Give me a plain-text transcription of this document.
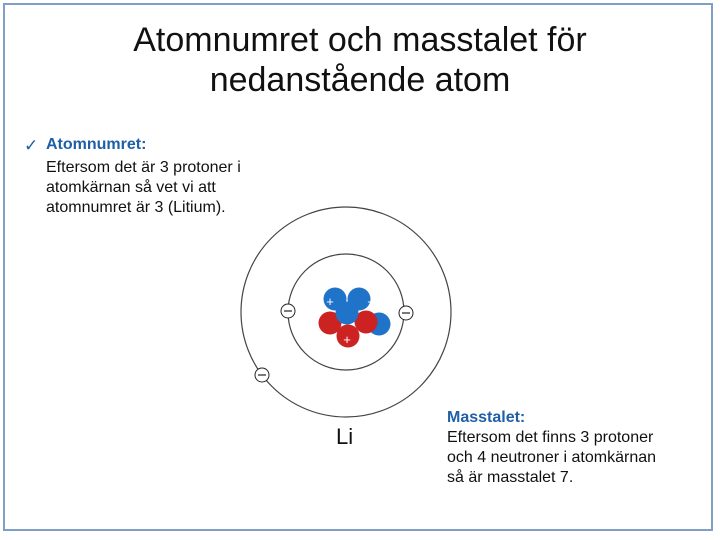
Atomnumret och masstalet för
nedanstående atom
✓ Atomnumret:
Eftersom det är 3 protoner i
atomkärnan så vet vi att
atomnumret är 3 (Litium).
+	+
+
Li
Masstalet:
Eftersom det finns 3 protoner
och 4 neutroner i atomkärnan
så är masstalet 7.
